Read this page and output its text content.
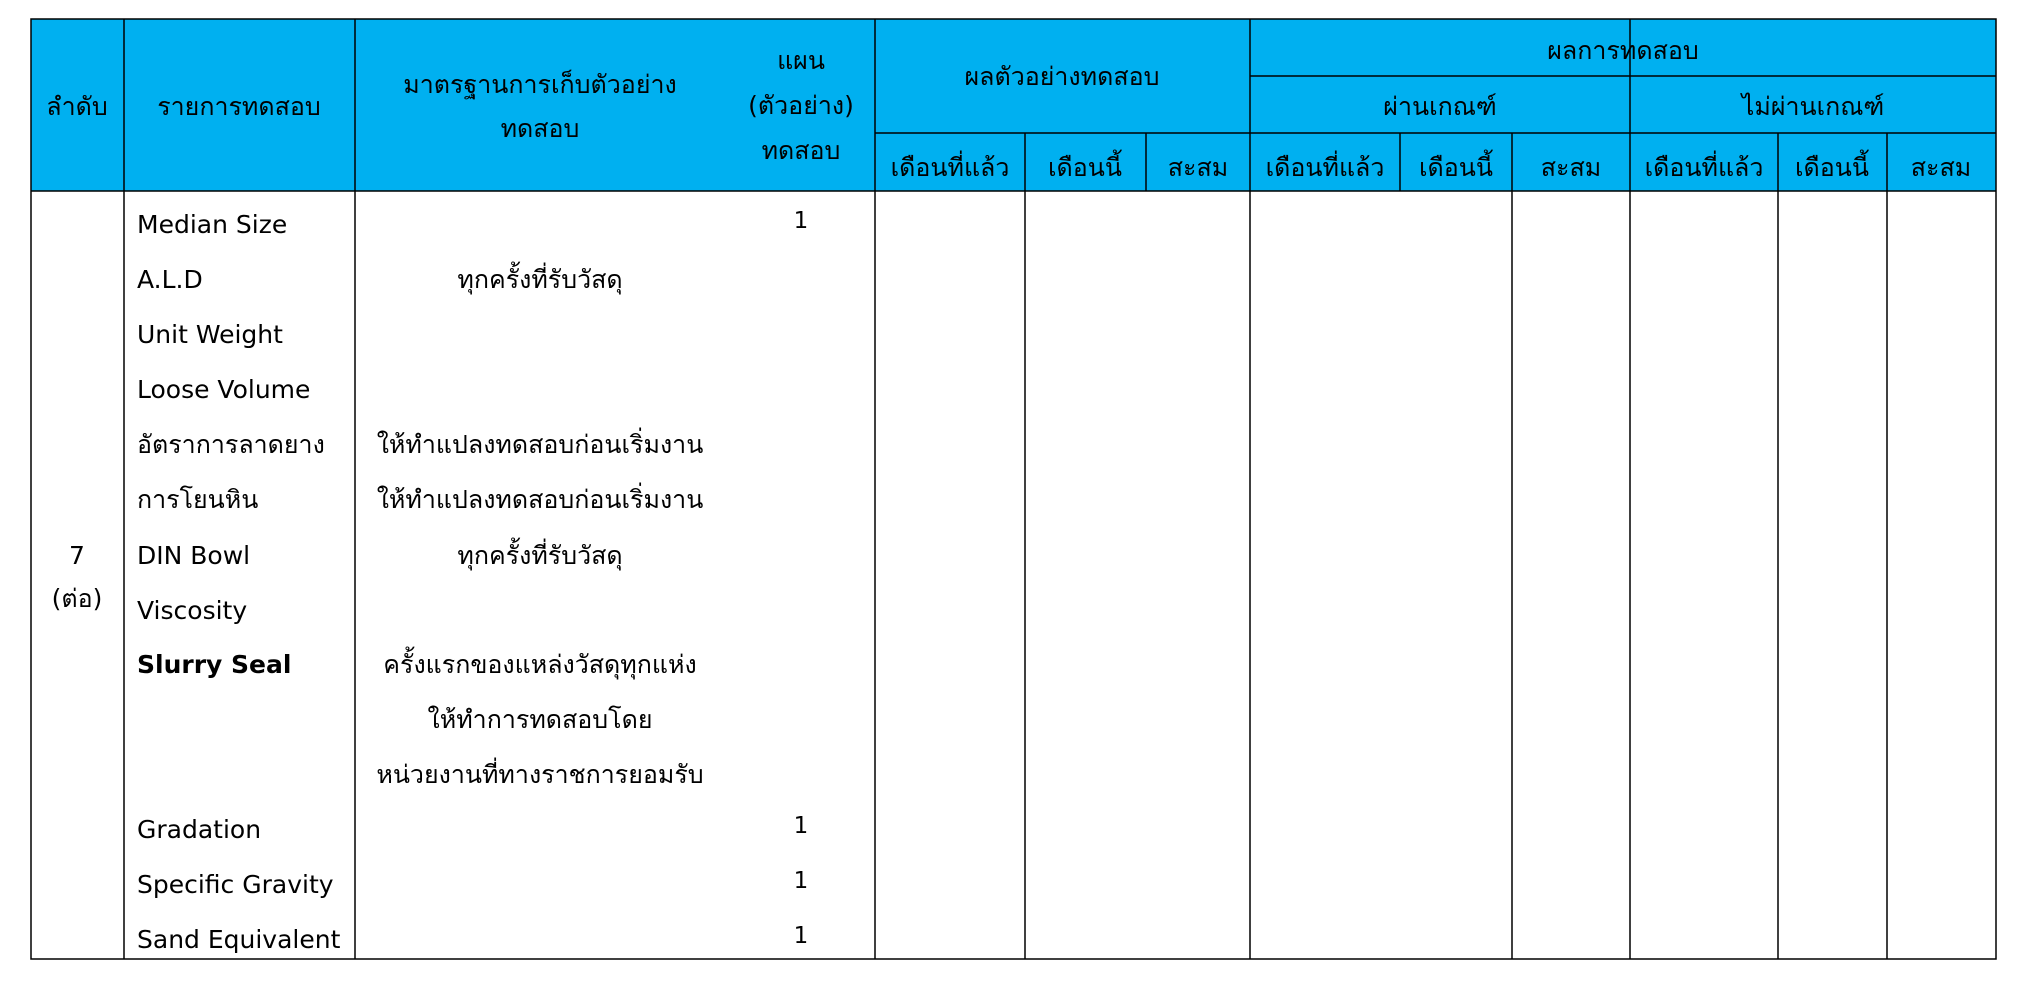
ลำดับ รายการทดสอบ
มาตรฐานการเก็บตัวอย่าง
ทดสอบ
แผน
(ตัวอย่าง)
ทดสอบ
ผลตัวอย่างทดสอบ
ผลการทดสอบ
ผ่านเกณฑ์	ไม่ผ่านเกณฑ์
เดือนที่แล้ว เดือนนี้ สะสม เดือนที่แล้ว เดือนนี้ สะสม เดือนที่แล้ว เดือนนี้ สะสม
7
(ต่อ)
Median Size
A.L.D
Unit Weight
Loose Volume
อัตราการลาดยาง
การโยนหิน
DIN Bowl
Viscosity
Slurry Seal
Gradation
Specific Gravity
Sand Equivalent
ทุกครั้งที่รับวัสดุ
ให้ทำแปลงทดสอบก่อนเริ่มงาน
ให้ทำแปลงทดสอบก่อนเริ่มงาน
ทุกครั้งที่รับวัสดุ
ครั้งแรกของแหล่งวัสดุทุกแห่ง
ให้ทำการทดสอบโดย
หน่วยงานที่ทางราชการยอมรับ
1
1
1
1
